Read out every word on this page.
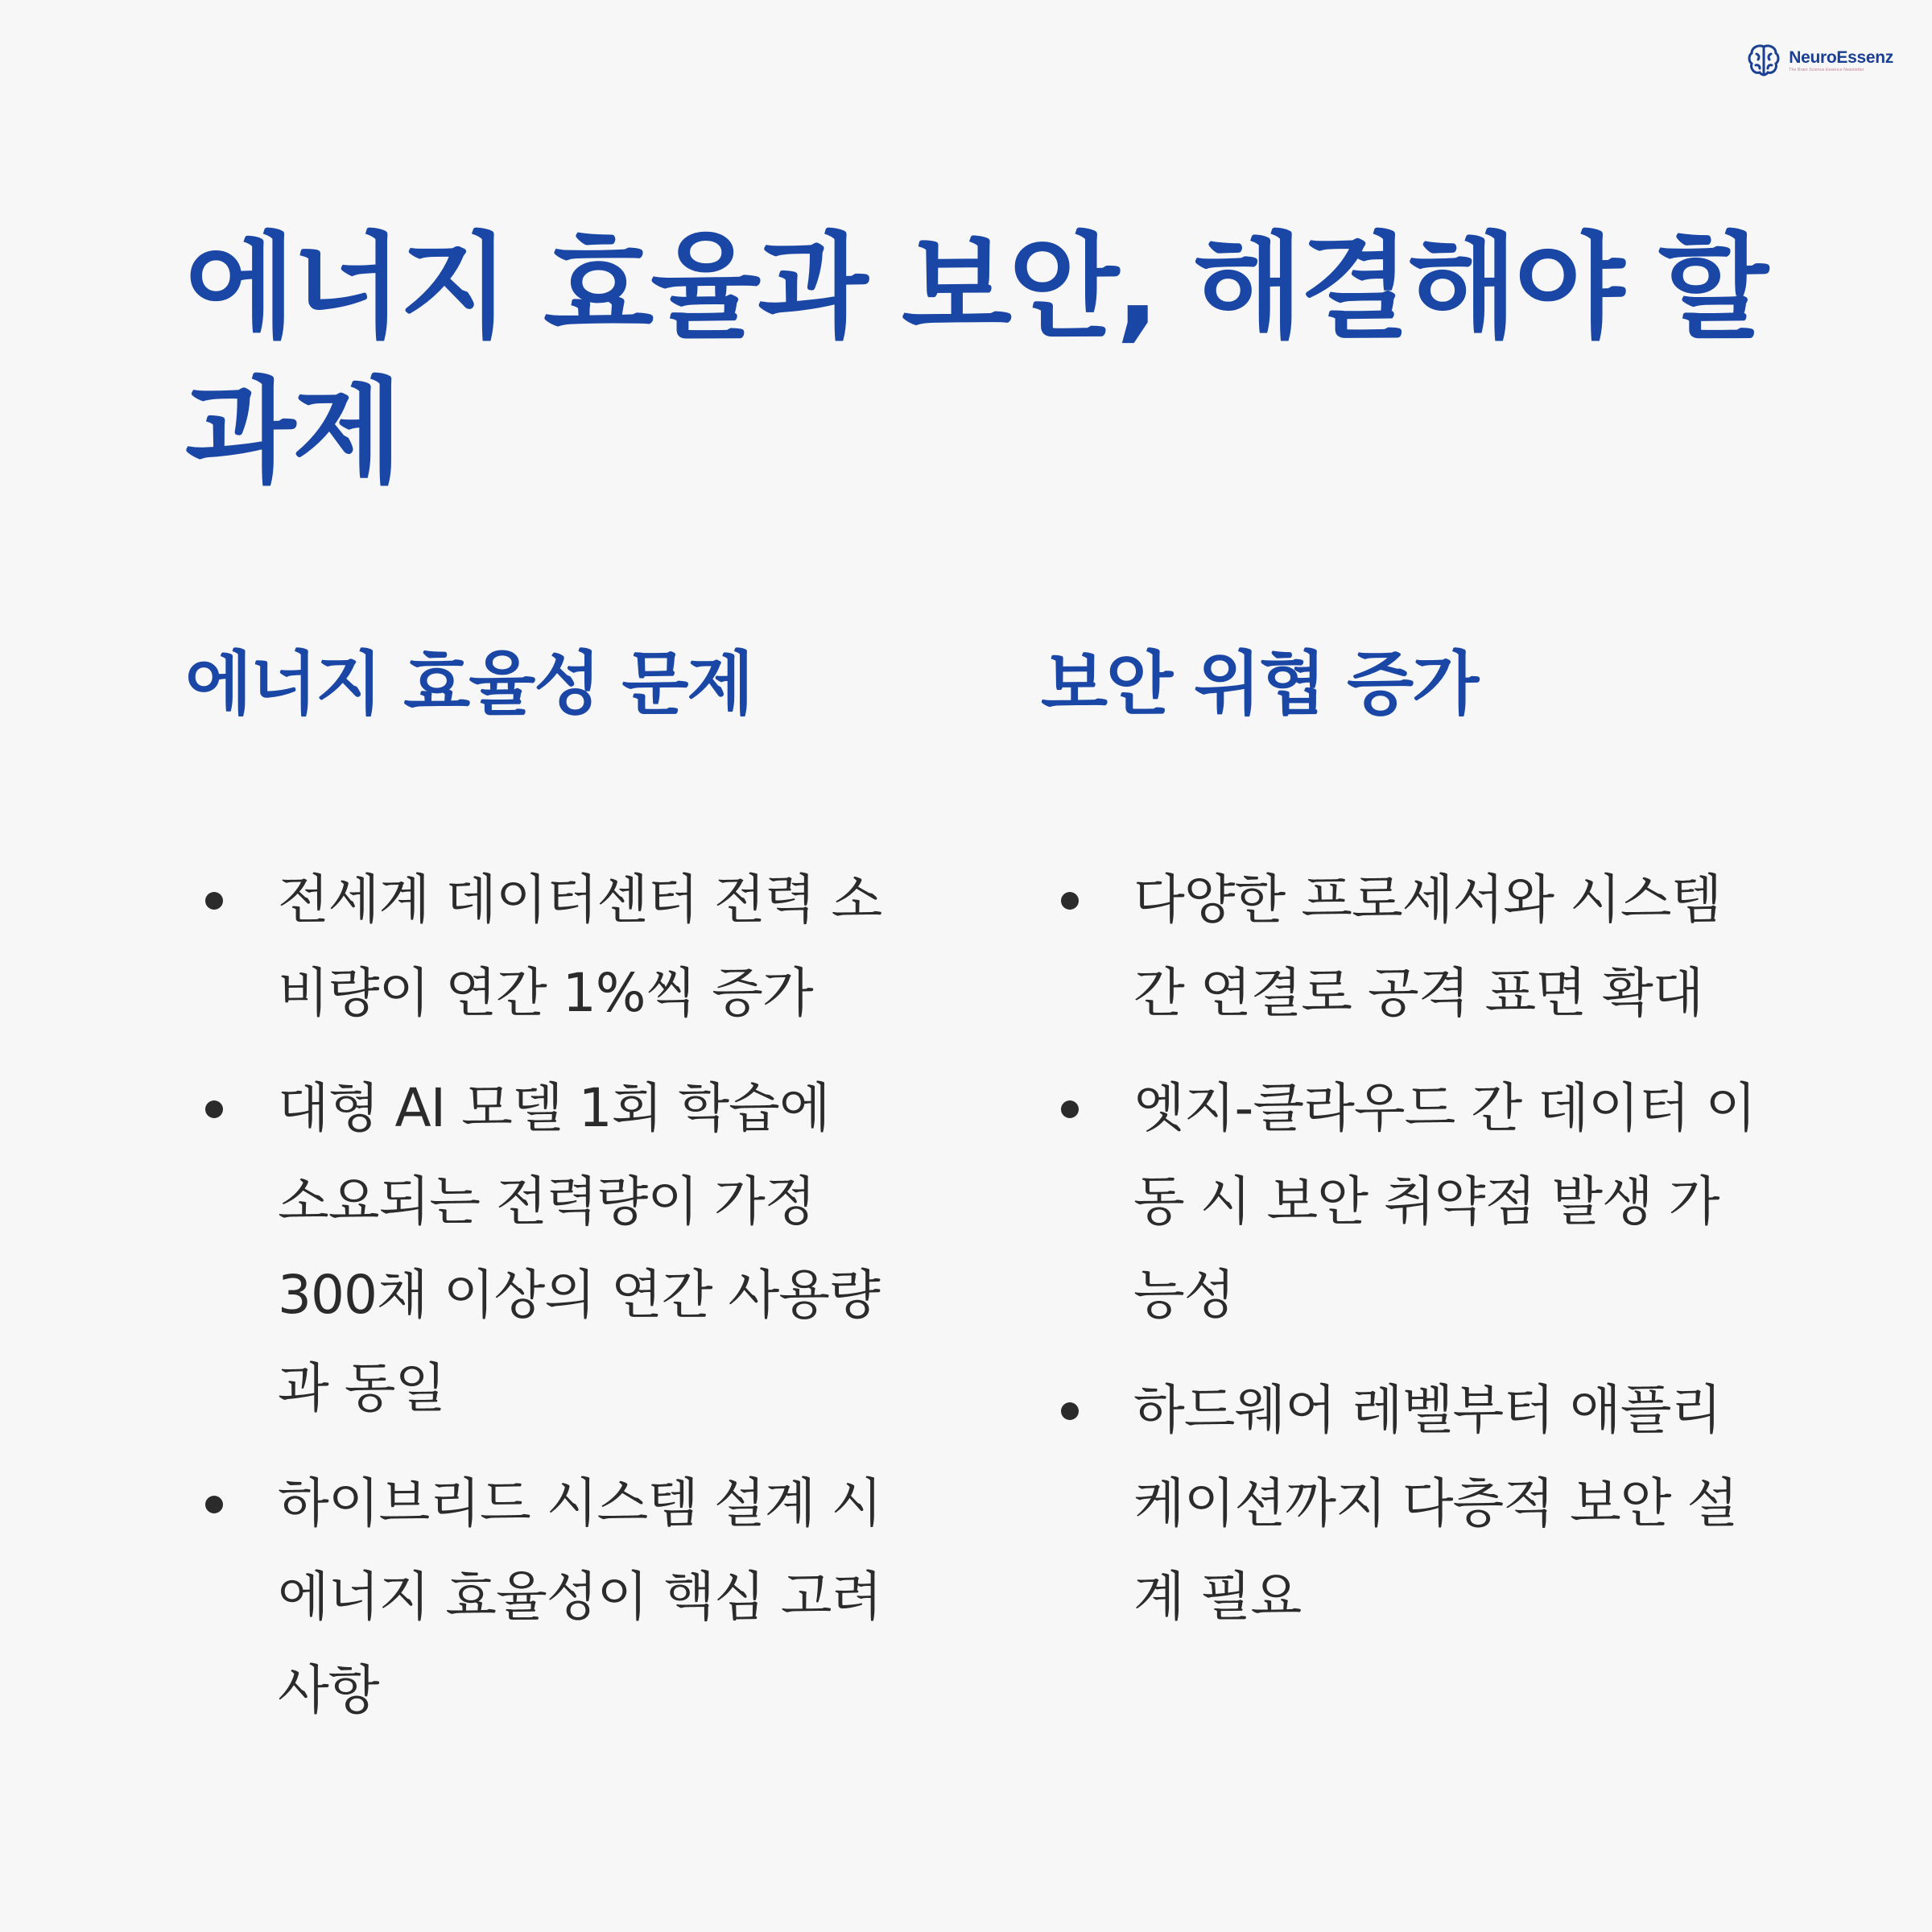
NeuroEssenz
The Brain Science Essence Newsletter
에너지 효율과 보안, 해결해야 할 과제
에너지 효율성 문제
전세계 데이터센터 전력 소비량이 연간 1%씩 증가
대형 AI 모델 1회 학습에 소요되는 전력량이 가정 300채 이상의 연간 사용량과 동일
하이브리드 시스템 설계 시 에너지 효율성이 핵심 고려사항
보안 위협 증가
다양한 프로세서와 시스템 간 연결로 공격 표면 확대
엣지-클라우드 간 데이터 이동 시 보안 취약점 발생 가능성
하드웨어 레벨부터 애플리케이션까지 다층적 보안 설계 필요
